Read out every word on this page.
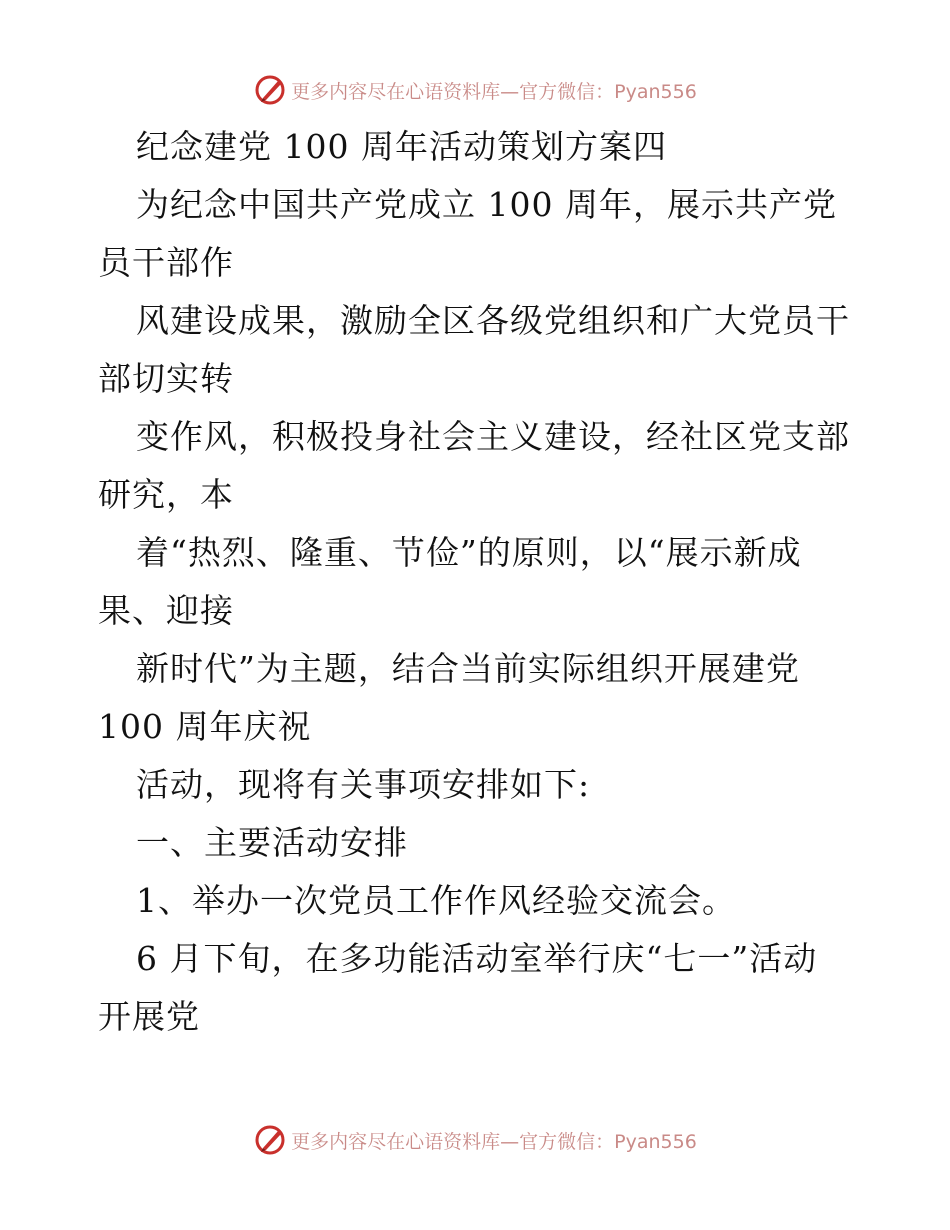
更多内容尽在心语资料库—官方微信：Pyan556

纪念建党 100 周年活动策划方案四

为纪念中国共产党成立 100 周年，展示共产党

员干部作

风建设成果，激励全区各级党组织和广大党员干

部切实转

变作风，积极投身社会主义建设，经社区党支部

研究，本

着“热烈、隆重、节俭”的原则，以“展示新成

果、迎接

新时代”为主题，结合当前实际组织开展建党

100 周年庆祝

活动，现将有关事项安排如下:

一、主要活动安排

1、举办一次党员工作作风经验交流会。

6 月下旬，在多功能活动室举行庆“七一”活动

开展党

更多内容尽在心语资料库—官方微信：Pyan556
